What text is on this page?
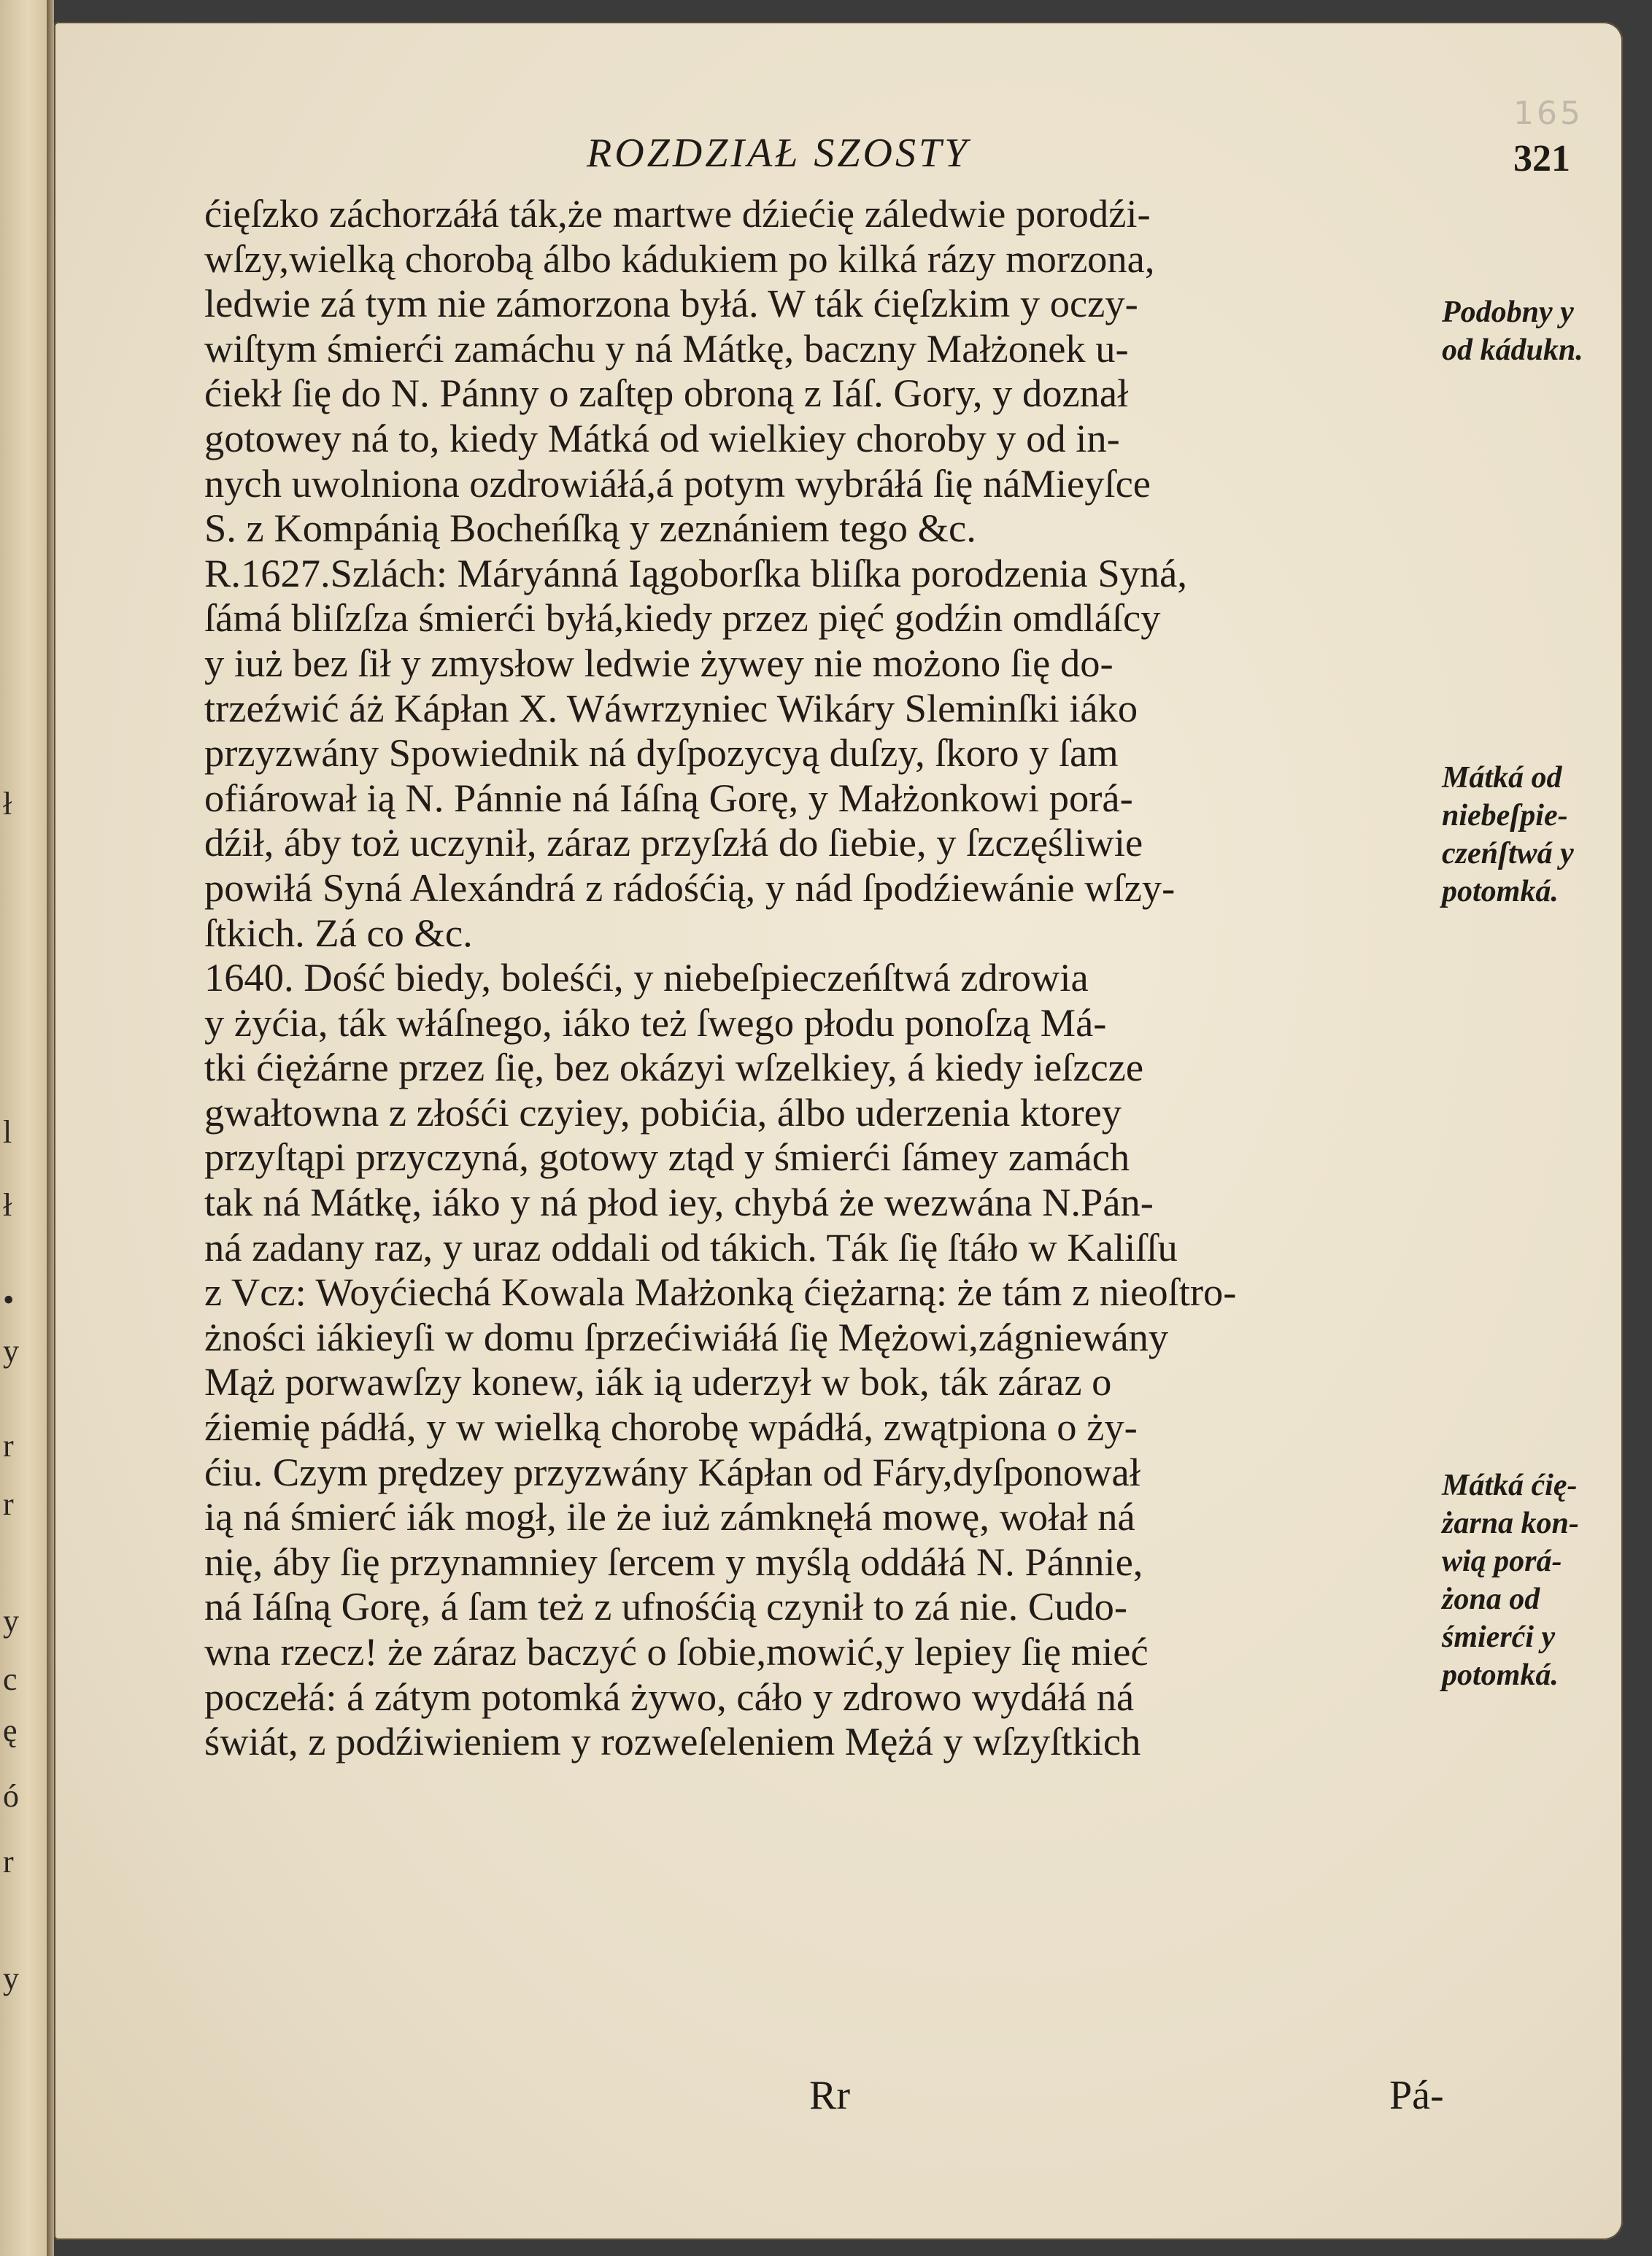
ł
l
ł
•
y
r
r
y
c
ę
ó
r
y
165
ROZDZIAŁ SZOSTY	321
ćięſzko záchorzáłá ták,że martwe dźiećię záledwie porodźi-
wſzy,wielką chorobą álbo kádukiem po kilká rázy morzona,
ledwie zá tym nie zámorzona byłá. W ták ćięſzkim y oczy-
wiſtym śmierći zamáchu y ná Mátkę, baczny Małżonek u-
ćiekł ſię do N. Pánny o zaſtęp obroną z Iáſ. Gory, y doznał
gotowey ná to, kiedy Mátká od wielkiey choroby y od in-
nych uwolniona ozdrowiáłá,á potym wybráłá ſię náMieyſce
S. z Kompánią Bocheńſką y zeznániem tego &c.
R.1627.Szlách: Máryánná Iągoborſka bliſka porodzenia Syná,
ſámá bliſzſza śmierći byłá,kiedy przez pięć godźin omdláſcy
y iuż bez ſił y zmysłow ledwie żywey nie możono ſię do-
trzeźwić áż Kápłan X. Wáwrzyniec Wikáry Sleminſki iáko
przyzwány Spowiednik ná dyſpozycyą duſzy, ſkoro y ſam
ofiárował ią N. Pánnie ná Iáſną Gorę, y Małżonkowi porá-
dźił, áby toż uczynił, záraz przyſzłá do ſiebie, y ſzczęśliwie
powiłá Syná Alexándrá z rádośćią, y nád ſpodźiewánie wſzy-
ſtkich. Zá co &c.
1640. Dość biedy, boleśći, y niebeſpieczeńſtwá zdrowia
y żyćia, ták włáſnego, iáko też ſwego płodu ponoſzą Má-
tki ćiężárne przez ſię, bez okázyi wſzelkiey, á kiedy ieſzcze
gwałtowna z złośći czyiey, pobićia, álbo uderzenia ktorey
przyſtąpi przyczyná, gotowy ztąd y śmierći ſámey zamách
tak ná Mátkę, iáko y ná płod iey, chybá że wezwána N.Pán-
ná zadany raz, y uraz oddali od tákich. Ták ſię ſtáło w Kaliſſu
z Vcz: Woyćiechá Kowala Małżonką ćiężarną: że tám z nieoſtro-
żności iákieyſi w domu ſprzećiwiáłá ſię Mężowi,zágniewány
Mąż porwawſzy konew, iák ią uderzył w bok, ták záraz o
źiemię pádłá, y w wielką chorobę wpádłá, zwątpiona o ży-
ćiu. Czym prędzey przyzwány Kápłan od Fáry,dyſponował
ią ná śmierć iák mogł, ile że iuż zámknęłá mowę, wołał ná
nię, áby ſię przynamniey ſercem y myślą oddáłá N. Pánnie,
ná Iáſną Gorę, á ſam też z ufnośćią czynił to zá nie. Cudo-
wna rzecz! że záraz baczyć o ſobie,mowić,y lepiey ſię mieć
poczełá: á zátym potomká żywo, cáło y zdrowo wydáłá ná
świát, z podźiwieniem y rozweſeleniem Mężá y wſzyſtkich
Podobny y
od kádukn.
Mátká od
niebeſpie-
czeńſtwá y
potomká.
Mátká ćię-
żarna kon-
wią porá-
żona od
śmierći y
potomká.
Rr	Pá-
